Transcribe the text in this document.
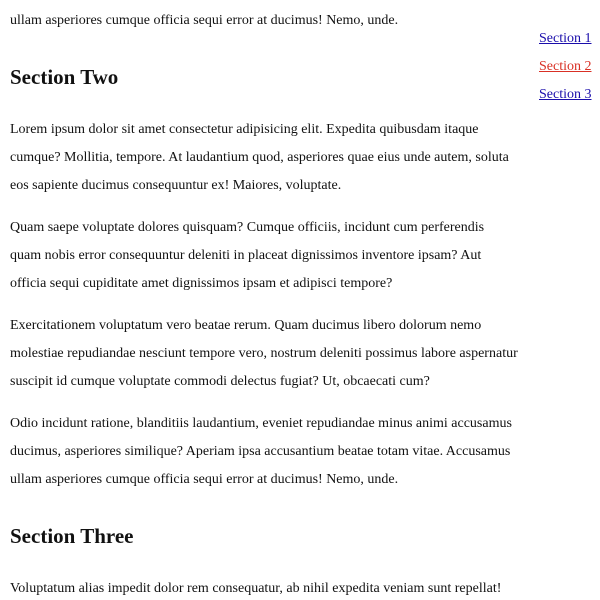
ullam asperiores cumque officia sequi error at ducimus! Nemo, unde.

Section Two

Lorem ipsum dolor sit amet consectetur adipisicing elit. Expedita quibusdam itaque cumque? Mollitia, tempore. At laudantium quod, asperiores quae eius unde autem, soluta eos sapiente ducimus consequuntur ex! Maiores, voluptate.

Quam saepe voluptate dolores quisquam? Cumque officiis, incidunt cum perferendis quam nobis error consequuntur deleniti in placeat dignissimos inventore ipsam? Aut officia sequi cupiditate amet dignissimos ipsam et adipisci tempore?

Exercitationem voluptatum vero beatae rerum. Quam ducimus libero dolorum nemo molestiae repudiandae nesciunt tempore vero, nostrum deleniti possimus labore aspernatur suscipit id cumque voluptate commodi delectus fugiat? Ut, obcaecati cum?

Odio incidunt ratione, blanditiis laudantium, eveniet repudiandae minus animi accusamus ducimus, asperiores similique? Aperiam ipsa accusantium beatae totam vitae. Accusamus ullam asperiores cumque officia sequi error at ducimus! Nemo, unde.

Section Three

Voluptatum alias impedit dolor rem consequatur, ab nihil expedita veniam sunt repellat!

Section 1
Section 2
Section 3
